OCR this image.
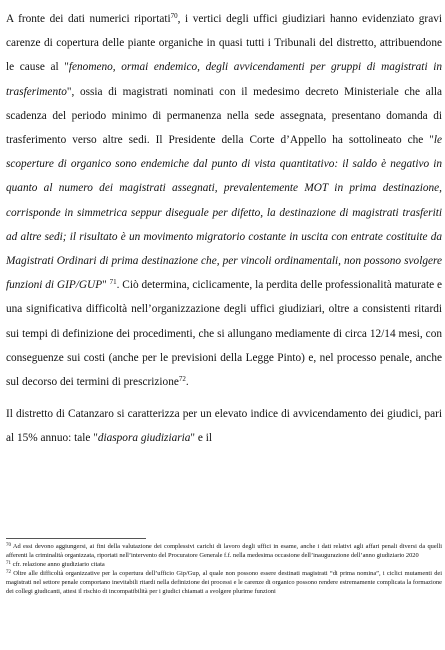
A fronte dei dati numerici riportati$^{70}$, i vertici degli uffici giudiziari hanno evidenziato gravi carenze di copertura delle piante organiche in quasi tutti i Tribunali del distretto, attribuendone le cause al "fenomeno, ormai endemico, degli avvicendamenti per gruppi di magistrati in trasferimento", ossia di magistrati nominati con il medesimo decreto Ministeriale che alla scadenza del periodo minimo di permanenza nella sede assegnata, presentano domanda di trasferimento verso altre sedi. Il Presidente della Corte d’Appello ha sottolineato che "le scoperture di organico sono endemiche dal punto di vista quantitativo: il saldo è negativo in quanto al numero dei magistrati assegnati, prevalentemente MOT in prima destinazione, corrisponde in simmetrica seppur diseguale per difetto, la destinazione di magistrati trasferiti ad altre sedi; il risultato è un movimento migratorio costante in uscita con entrate costituite da Magistrati Ordinari di prima destinazione che, per vincoli ordinamentali, non possono svolgere funzioni di GIP/GUP" $^{71}$. Ciò determina, ciclicamente, la perdita delle professionalità maturate e una significativa difficoltà nell’organizzazione degli uffici giudiziari, oltre a consistenti ritardi sui tempi di definizione dei procedimenti, che si allungano mediamente di circa 12/14 mesi, con conseguenze sui costi (anche per le previsioni della Legge Pinto) e, nel processo penale, anche sul decorso dei termini di prescrizione$^{72}$.

Il distretto di Catanzaro si caratterizza per un elevato indice di avvicendamento dei giudici, pari al 15% annuo: tale "diaspora giudiziaria" e il

$^{70}$ Ad essi devono aggiungersi, ai fini della valutazione dei complessivi carichi di lavoro degli uffici in esame, anche i dati relativi agli affari penali diversi da quelli afferenti la criminalità organizzata, riportati nell’intervento del Procuratore Generale f.f. nella medesima occasione dell’inaugurazione dell’anno giudiziario 2020

$^{71}$ cfr. relazione anno giudiziario citata

$^{72}$ Oltre alle difficoltà organizzative per la copertura dell’ufficio Gip/Gup, al quale non possono essere destinati magistrati “di prima nomina”, i ciclici mutamenti dei magistrati nel settore penale comportano inevitabili ritardi nella definizione dei processi e le carenze di organico possono rendere estremamente complicata la formazione dei collegi giudicanti, attesi il rischio di incompatibilità per i giudici chiamati a svolgere plurime funzioni
